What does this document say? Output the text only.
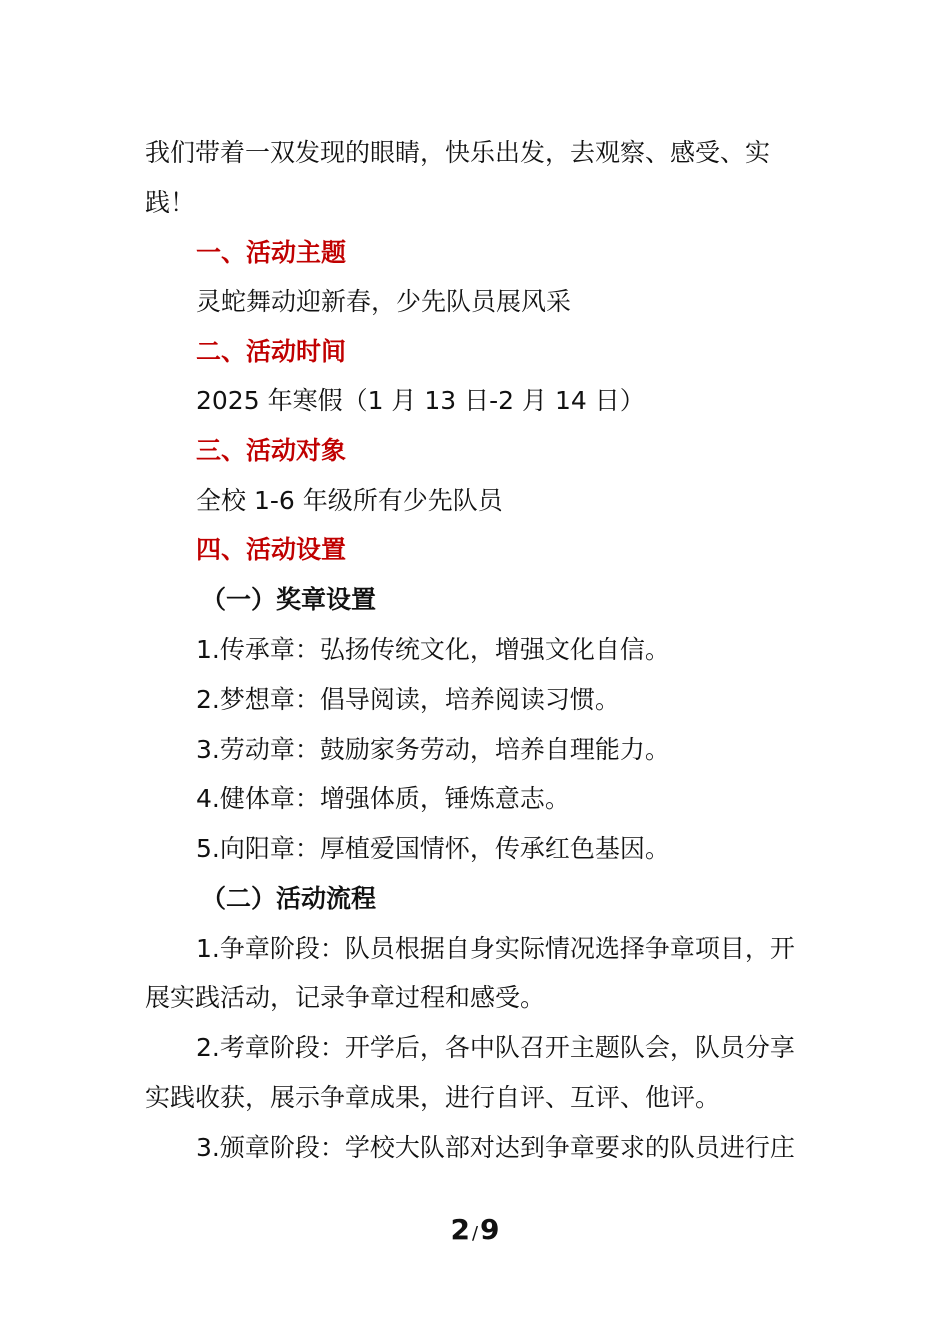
我们带着一双发现的眼睛，快乐出发，去观察、感受、实
践！
一、活动主题
灵蛇舞动迎新春，少先队员展风采
二、活动时间
2025 年寒假（1 月 13 日-2 月 14 日）
三、活动对象
全校 1-6 年级所有少先队员
四、活动设置
（一）奖章设置
1.传承章：弘扬传统文化，增强文化自信。
2.梦想章：倡导阅读，培养阅读习惯。
3.劳动章：鼓励家务劳动，培养自理能力。
4.健体章：增强体质，锤炼意志。
5.向阳章：厚植爱国情怀，传承红色基因。
（二）活动流程
1.争章阶段：队员根据自身实际情况选择争章项目，开
展实践活动，记录争章过程和感受。
2.考章阶段：开学后，各中队召开主题队会，队员分享
实践收获，展示争章成果，进行自评、互评、他评。
3.颁章阶段：学校大队部对达到争章要求的队员进行庄
2 /9
